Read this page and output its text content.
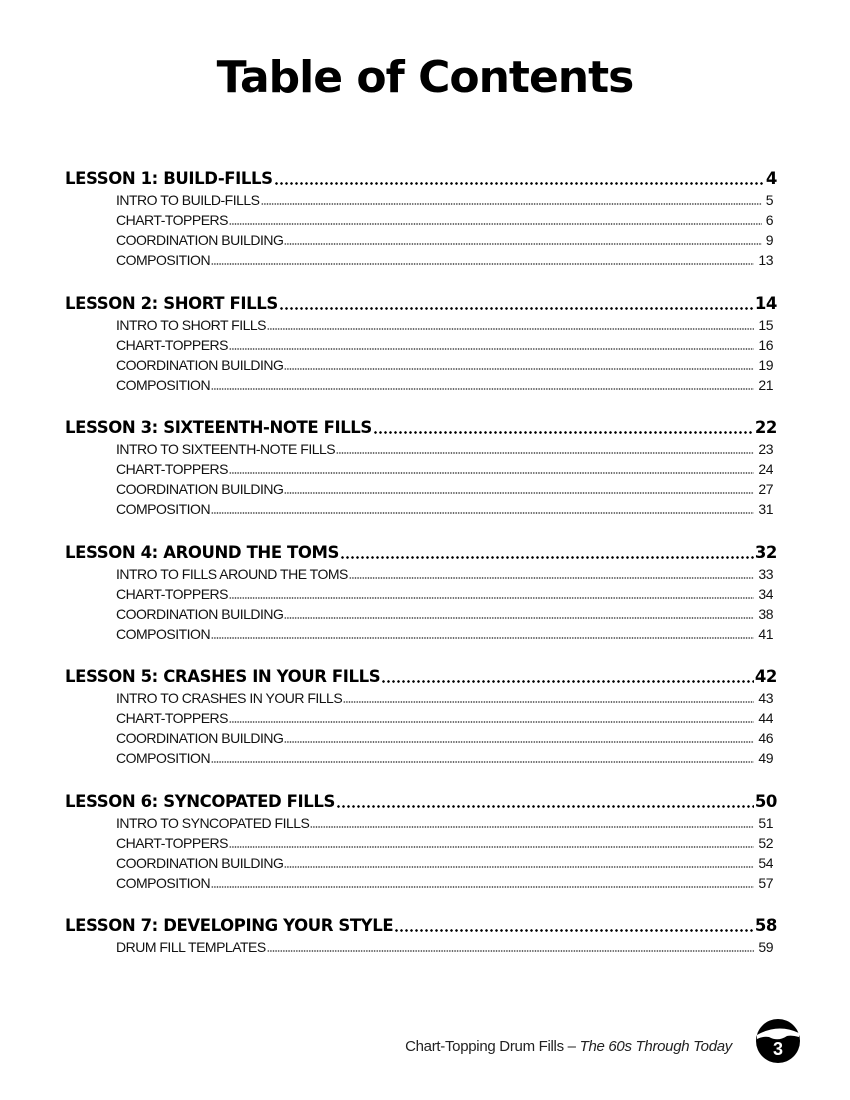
Table of Contents
LESSON 1: BUILD-FILLS	4
INTRO TO BUILD-FILLS	5
CHART-TOPPERS	6
COORDINATION BUILDING	9
COMPOSITION	13
LESSON 2: SHORT FILLS	14
INTRO TO SHORT FILLS	15
CHART-TOPPERS	16
COORDINATION BUILDING	19
COMPOSITION	21
LESSON 3: SIXTEENTH-NOTE FILLS	22
INTRO TO SIXTEENTH-NOTE FILLS	23
CHART-TOPPERS	24
COORDINATION BUILDING	27
COMPOSITION	31
LESSON 4: AROUND THE TOMS	32
INTRO TO FILLS AROUND THE TOMS	33
CHART-TOPPERS	34
COORDINATION BUILDING	38
COMPOSITION	41
LESSON 5: CRASHES IN YOUR FILLS	42
INTRO TO CRASHES IN YOUR FILLS	43
CHART-TOPPERS	44
COORDINATION BUILDING	46
COMPOSITION	49
LESSON 6: SYNCOPATED FILLS	50
INTRO TO SYNCOPATED FILLS	51
CHART-TOPPERS	52
COORDINATION BUILDING	54
COMPOSITION	57
LESSON 7: DEVELOPING YOUR STYLE	58
DRUM FILL TEMPLATES	59
Chart-Topping Drum Fills – The 60s Through Today	3
